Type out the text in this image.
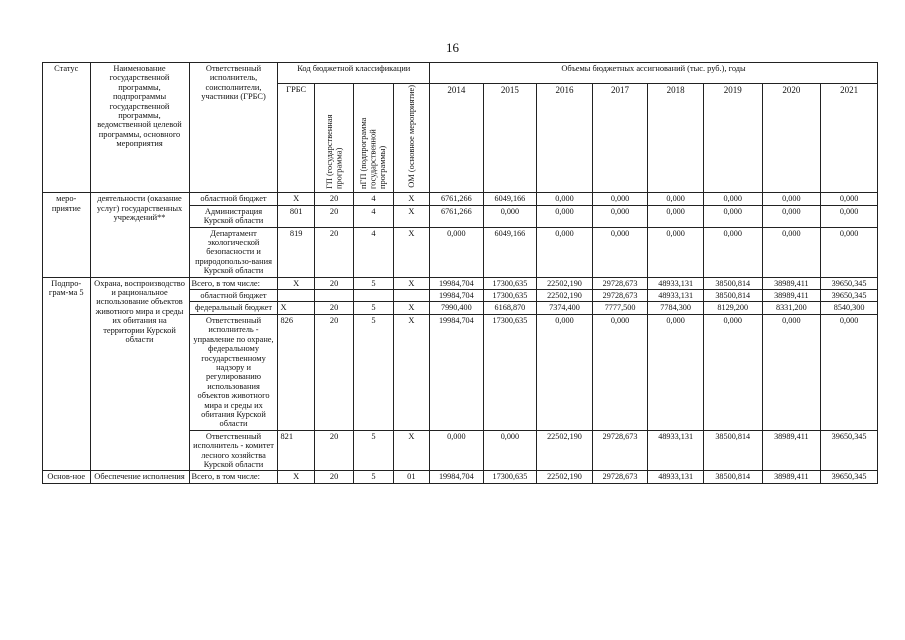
16
Статус	Наименование государственной программы, подпрограммы государственной программы, ведомственной целевой программы, основного мероприятия	Ответственный исполнитель, соисполнители, участники (ГРБС)	Код бюджетной классификации				Объемы бюджетных ассигнований (тыс. руб.), годы							
			ГРБС	ГП (государственная программа)	пГП (подпрограмма государственной программы)	ОМ (основное мероприятие)	2014	2015	2016	2017	2018	2019	2020	2021
меро-приятие	деятельности (оказание услуг) государственных учреждений**	областной бюджет	X	20	4	X	6761,266	6049,166	0,000	0,000	0,000	0,000	0,000	0,000
		Администрация Курской области	801	20	4	X	6761,266	0,000	0,000	0,000	0,000	0,000	0,000	0,000
		Департамент экологической безопасности и природопользо-вания Курской области	819	20	4	X	0,000	6049,166	0,000	0,000	0,000	0,000	0,000	0,000
Подпро-грам-ма 5	Охрана, воспроизводство и рациональное использование объектов животного мира и среды их обитания на территории Курской области	Всего, в том числе:	X	20	5	X	19984,704	17300,635	22502,190	29728,673	48933,131	38500,814	38989,411	39650,345
		областной бюджет					19984,704	17300,635	22502,190	29728,673	48933,131	38500,814	38989,411	39650,345
		федеральный бюджет	X	20	5	X	7990,400	6168,870	7374,400	7777,500	7784,300	8129,200	8331,200	8540,300
		Ответственный исполнитель - управление по охране, федеральному государственному надзору и регулированию использования объектов животного мира и среды их обитания Курской области	826	20	5	X	19984,704	17300,635	0,000	0,000	0,000	0,000	0,000	0,000
		Ответственный исполнитель - комитет лесного хозяйства Курской области	821	20	5	X	0,000	0,000	22502,190	29728,673	48933,131	38500,814	38989,411	39650,345
Основ-ное	Обеспечение исполнения	Всего, в том числе:	X	20	5	01	19984,704	17300,635	22502,190	29728,673	48933,131	38500,814	38989,411	39650,345
